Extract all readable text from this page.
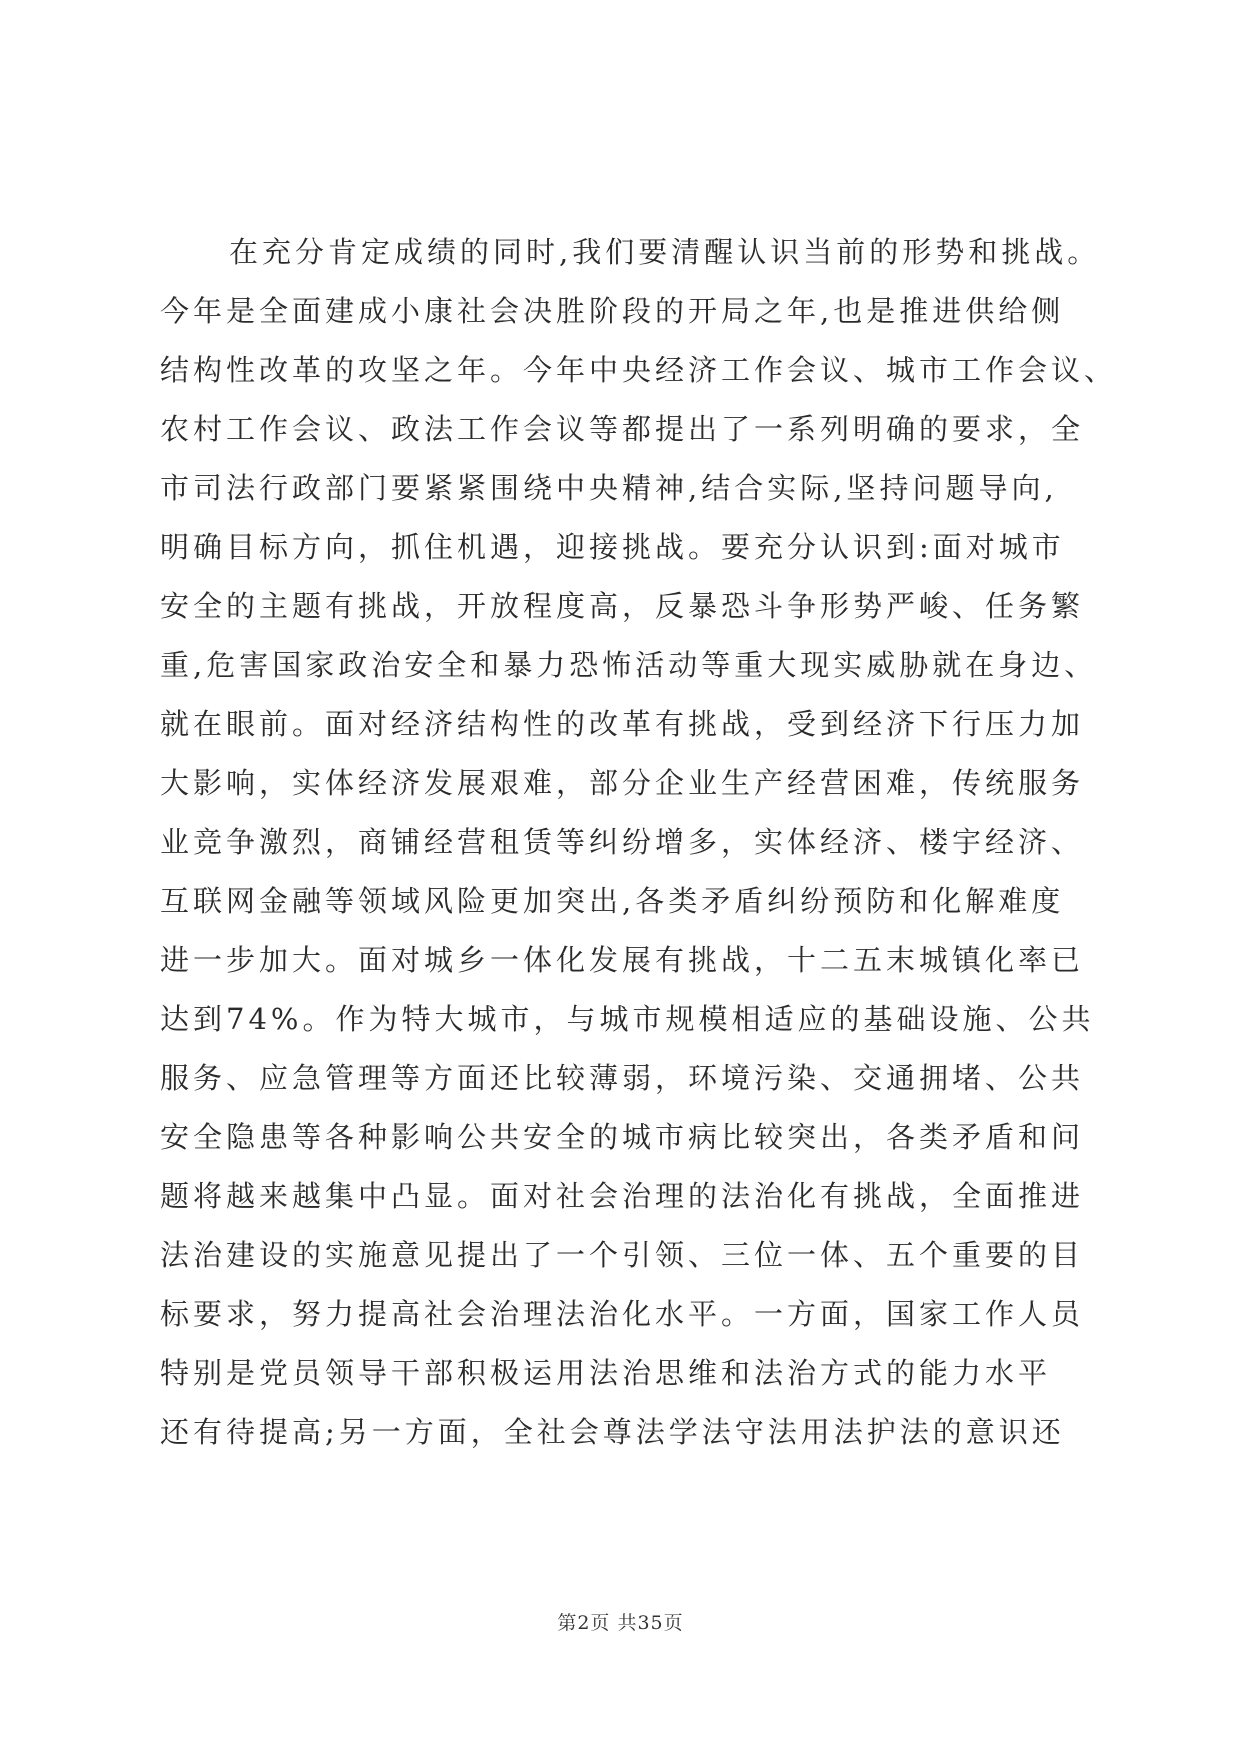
在充分肯定成绩的同时,我们要清醒认识当前的形势和挑战。
今年是全面建成小康社会决胜阶段的开局之年,也是推进供给侧
结构性改革的攻坚之年。今年中央经济工作会议、城市工作会议、
农村工作会议、政法工作会议等都提出了一系列明确的要求，全
市司法行政部门要紧紧围绕中央精神,结合实际,坚持问题导向,
明确目标方向，抓住机遇，迎接挑战。要充分认识到:面对城市
安全的主题有挑战，开放程度高，反暴恐斗争形势严峻、任务繁
重,危害国家政治安全和暴力恐怖活动等重大现实威胁就在身边、
就在眼前。面对经济结构性的改革有挑战，受到经济下行压力加
大影响，实体经济发展艰难，部分企业生产经营困难，传统服务
业竞争激烈，商铺经营租赁等纠纷增多，实体经济、楼宇经济、
互联网金融等领域风险更加突出,各类矛盾纠纷预防和化解难度
进一步加大。面对城乡一体化发展有挑战，十二五末城镇化率已
达到74%。作为特大城市，与城市规模相适应的基础设施、公共
服务、应急管理等方面还比较薄弱，环境污染、交通拥堵、公共
安全隐患等各种影响公共安全的城市病比较突出，各类矛盾和问
题将越来越集中凸显。面对社会治理的法治化有挑战，全面推进
法治建设的实施意见提出了一个引领、三位一体、五个重要的目
标要求，努力提高社会治理法治化水平。一方面，国家工作人员
特别是党员领导干部积极运用法治思维和法治方式的能力水平
还有待提高;另一方面，全社会尊法学法守法用法护法的意识还
第2页 共35页
